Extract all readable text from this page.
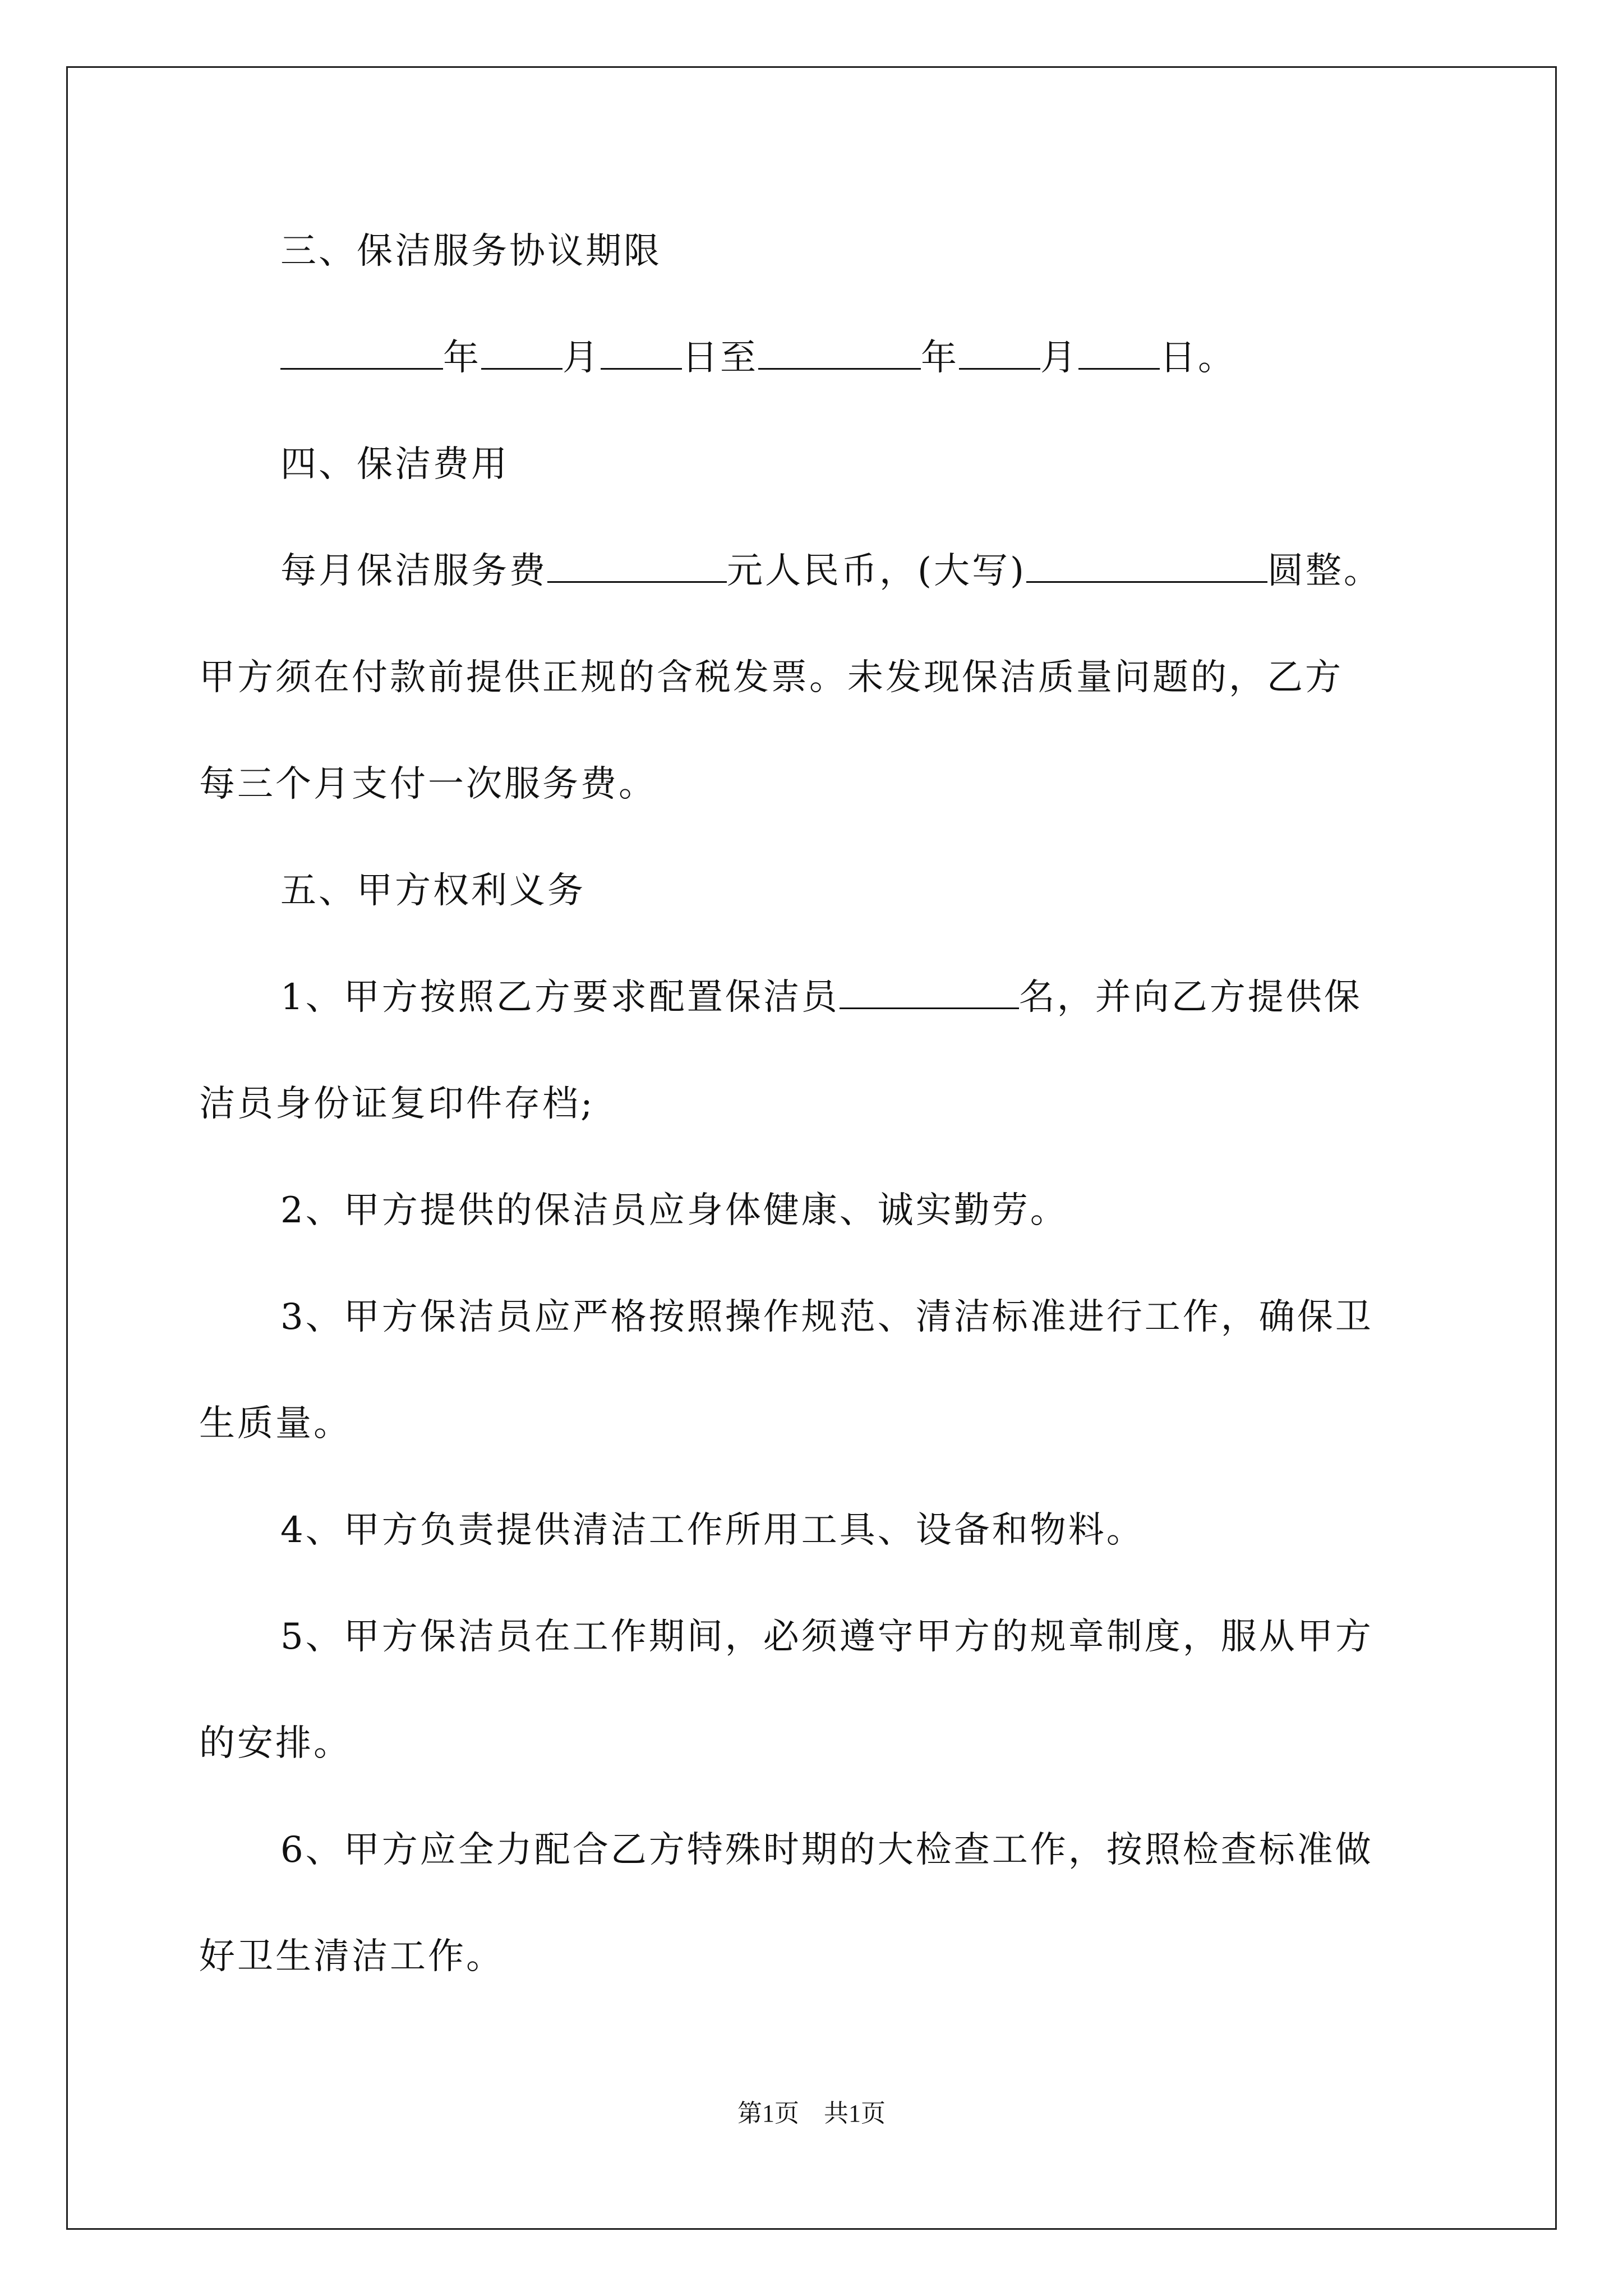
三、保洁服务协议期限
年 月 日至	年 月 日。
四、保洁费用
每月保洁服务费	元人民币，(大写)	圆整。
甲方须在付款前提供正规的含税发票。未发现保洁质量问题的，乙方
每三个月支付一次服务费。
五、甲方权利义务
1、甲方按照乙方要求配置保洁员	名，并向乙方提供保
洁员身份证复印件存档;
2、甲方提供的保洁员应身体健康、诚实勤劳。
3、甲方保洁员应严格按照操作规范、清洁标准进行工作，确保卫
生质量。
4、甲方负责提供清洁工作所用工具、设备和物料。
5、甲方保洁员在工作期间，必须遵守甲方的规章制度，服从甲方
的安排。
6、甲方应全力配合乙方特殊时期的大检查工作，按照检查标准做
好卫生清洁工作。
第1页 共1页
